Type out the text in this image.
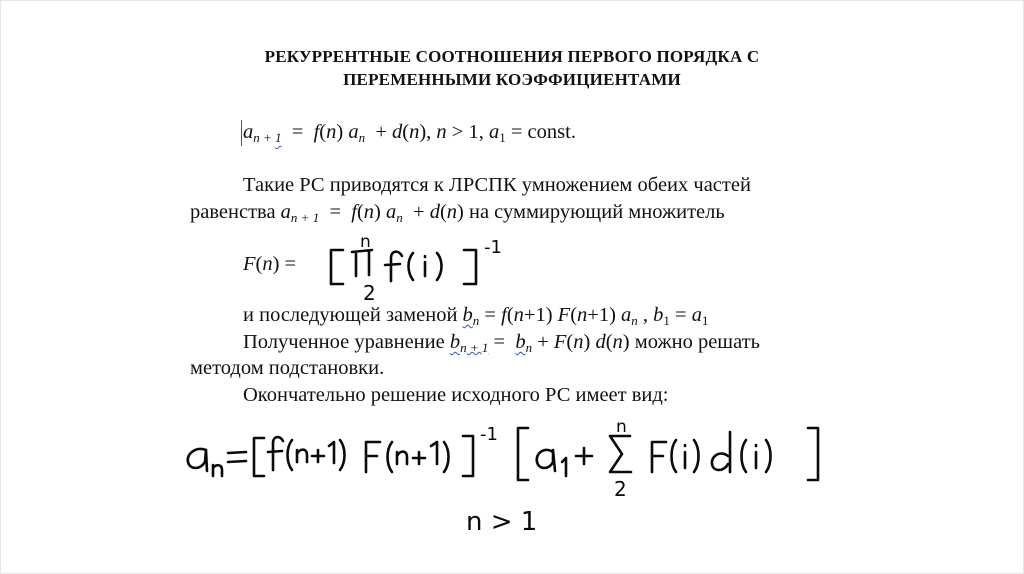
РЕКУРРЕНТНЫЕ СООТНОШЕНИЯ ПЕРВОГО ПОРЯДКА С
ПЕРЕМЕННЫМИ КОЭФФИЦИЕНТАМИ
$a_{n + 1} = f(n) a_n + d(n)$, n > 1, $a_1$ = const.
Такие РС приводятся к ЛРСПК умножением обеих частей
равенства $a_{n + 1} = f(n) a_n + d(n)$ на суммирующий множитель
F(n) =
и последующей заменой $b_n = f(n+1)$ F(n+1) $a_n$ , $b_1 = a_1$
Полученное уравнение $b_{n + 1} = b_n + F(n)$ d(n) можно решать
методом подстановки.
Окончательно решение исходного РС имеет вид:
n
2
-1
-1	n
2
n > 1
